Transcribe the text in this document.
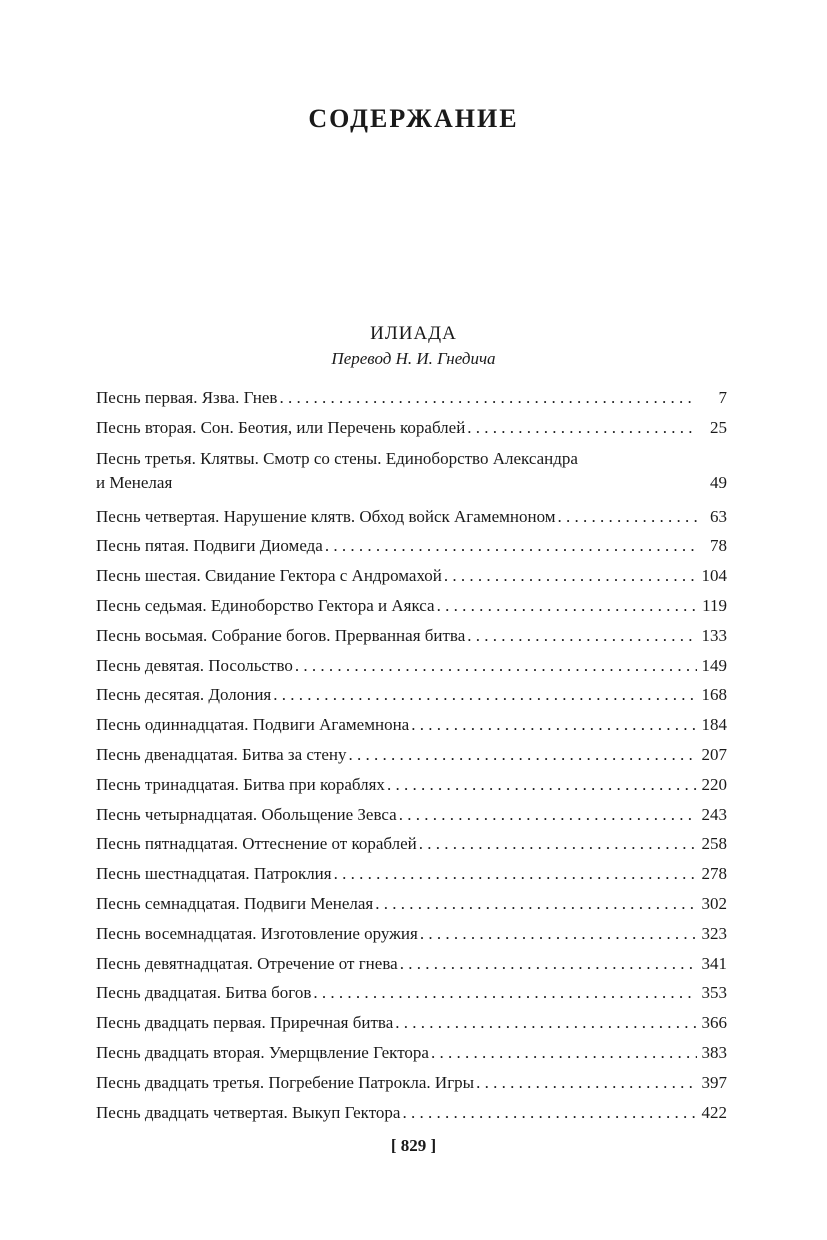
СОДЕРЖАНИЕ
ИЛИАДА
Перевод Н. И. Гнедича
Песнь первая. Язва. Гнев . . .	7
Песнь вторая. Сон. Беотия, или Перечень кораблей . . .	25
Песнь третья. Клятвы. Смотр со стены. Единоборство Александра
и Менелая	49
Песнь четвертая. Нарушение клятв. Обход войск Агамемноном . . .	63
Песнь пятая. Подвиги Диомеда . . .	78
Песнь шестая. Свидание Гектора с Андромахой . . .	104
Песнь седьмая. Единоборство Гектора и Аякса . . .	119
Песнь восьмая. Собрание богов. Прерванная битва . . .	133
Песнь девятая. Посольство . . .	149
Песнь десятая. Долония . . .	168
Песнь одиннадцатая. Подвиги Агамемнона . . .	184
Песнь двенадцатая. Битва за стену . . .	207
Песнь тринадцатая. Битва при кораблях . . .	220
Песнь четырнадцатая. Обольщение Зевса . . .	243
Песнь пятнадцатая. Оттеснение от кораблей . . .	258
Песнь шестнадцатая. Патроклия . . .	278
Песнь семнадцатая. Подвиги Менелая . . .	302
Песнь восемнадцатая. Изготовление оружия . . .	323
Песнь девятнадцатая. Отречение от гнева . . .	341
Песнь двадцатая. Битва богов . . .	353
Песнь двадцать первая. Приречная битва . . .	366
Песнь двадцать вторая. Умерщвление Гектора . . .	383
Песнь двадцать третья. Погребение Патрокла. Игры . . .	397
Песнь двадцать четвертая. Выкуп Гектора . . .	422
[ 829 ]
